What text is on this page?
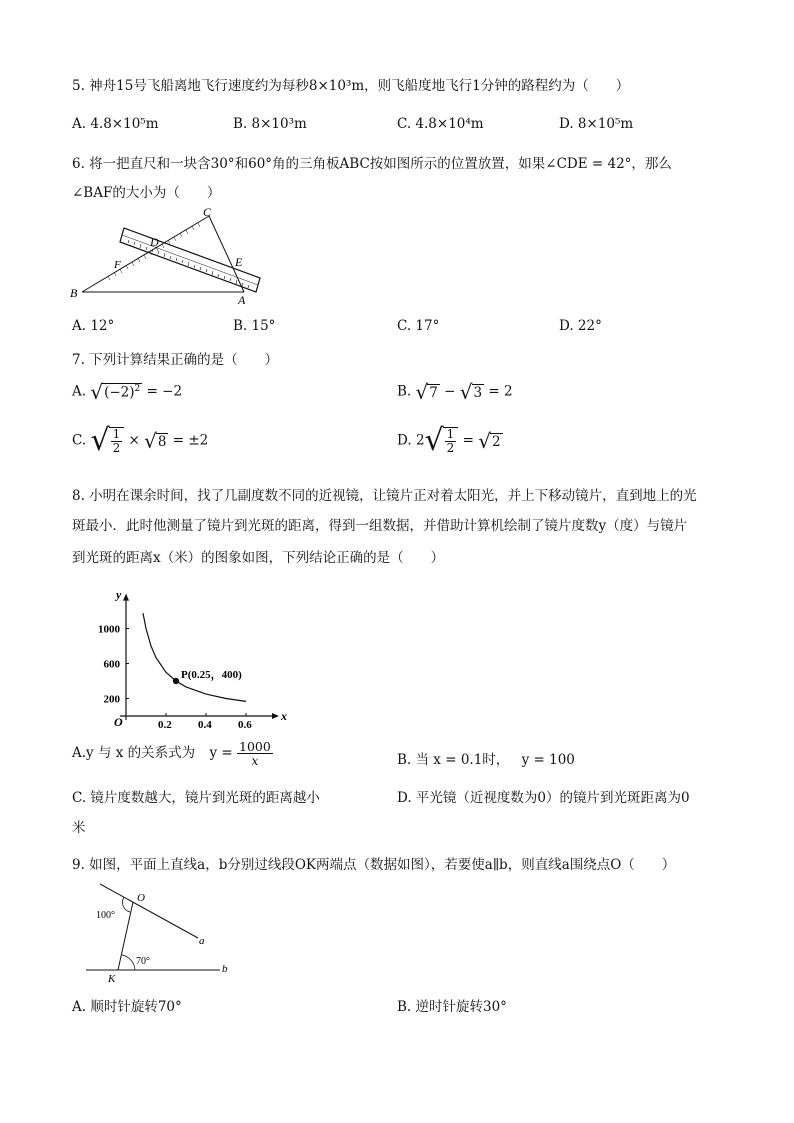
5. 神舟15号飞船离地飞行速度约为每秒8×10³m，则飞船度地飞行1分钟的路程约为（　　）
A. 4.8×10⁵m	B. 8×10³m	C. 4.8×10⁴m	D. 8×10⁵m
6. 将一把直尺和一块含30°和60°角的三角板ABC按如图所示的位置放置，如果∠CDE = 42°，那么
∠BAF的大小为（　　）
C
D
E
F
B	A
A. 12°	B. 15°	C. 17°	D. 22°
7. 下列计算结果正确的是（　　）
A. √ $(-2)^2 = -2$	B. √ 7 − √ 3 = 2
C. √ $\frac{1}{2}$ × √ 8 = ±2	D. 2 √ $\frac{1}{2}$ = √ 2
8. 小明在课余时间，找了几副度数不同的近视镜，让镜片正对着太阳光，并上下移动镜片，直到地上的光
斑最小．此时他测量了镜片到光斑的距离，得到一组数据，并借助计算机绘制了镜片度数y（度）与镜片
到光斑的距离x（米）的图象如图，下列结论正确的是（　　）
x
y
O	0.2 0.4 0.6
200
600
1000
P(0.25，400)
A.y 与 x 的关系式为 $y = \frac{1000}{x}$	B. 当 x = 0.1时， y = 100
C. 镜片度数越大，镜片到光斑的距离越小	D. 平光镜（近视度数为0）的镜片到光斑距离为0
米
9. 如图，平面上直线a，b分别过线段OK两端点（数据如图），若要使a∥b，则直线a围绕点O（　　）
O
K
a
b
100°
70°
A. 顺时针旋转70°	B. 逆时针旋转30°
